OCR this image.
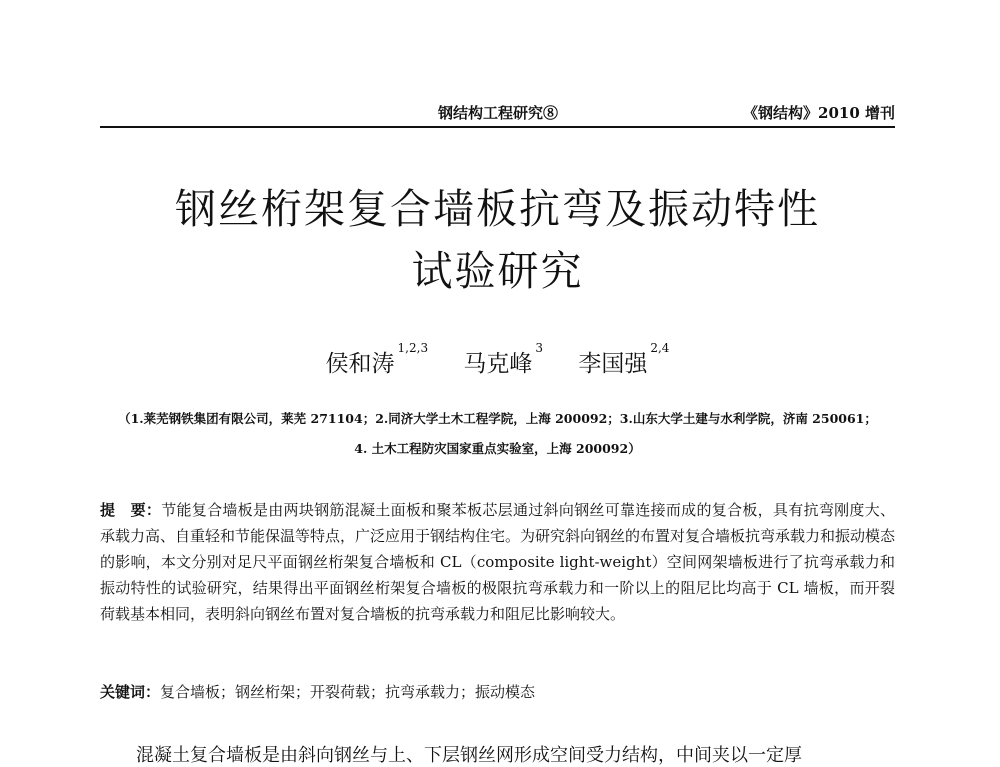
钢结构工程研究⑧	《钢结构》2010 增刊
钢丝桁架复合墙板抗弯及振动特性
试验研究
侯和涛$^{1,2,3}$ 马克峰$^3$ 李国强$^{2,4}$
（1.莱芜钢铁集团有限公司，莱芜 271104；2.同济大学土木工程学院，上海 200092；3.山东大学土建与水利学院，济南 250061；
4. 土木工程防灾国家重点实验室，上海 200092）
提　要：节能复合墙板是由两块钢筋混凝土面板和聚苯板芯层通过斜向钢丝可靠连接而成的复合板，具有抗弯刚度大、承载力高、自重轻和节能保温等特点，广泛应用于钢结构住宅。为研究斜向钢丝的布置对复合墙板抗弯承载力和振动模态的影响，本文分别对足尺平面钢丝桁架复合墙板和 CL（composite light-weight）空间网架墙板进行了抗弯承载力和振动特性的试验研究，结果得出平面钢丝桁架复合墙板的极限抗弯承载力和一阶以上的阻尼比均高于 CL 墙板，而开裂荷载基本相同，表明斜向钢丝布置对复合墙板的抗弯承载力和阻尼比影响较大。
关键词：复合墙板；钢丝桁架；开裂荷载；抗弯承载力；振动模态
混凝土复合墙板是由斜向钢丝与上、下层钢丝网形成空间受力结构，中间夹以一定厚
